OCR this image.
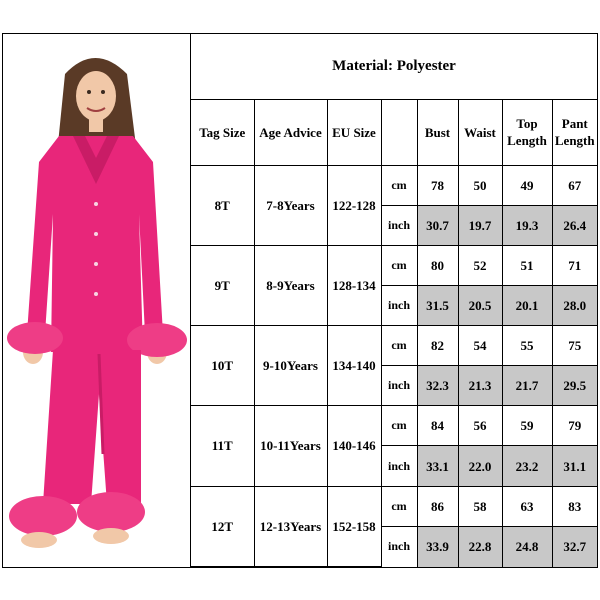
Material: Polyester
Tag Size	Age Advice	EU Size		Bust	Waist	Top Length	Pant Length
8T	7-8Years	122-128	cm	78	50	49	67
			inch	30.7	19.7	19.3	26.4
9T	8-9Years	128-134	cm	80	52	51	71
			inch	31.5	20.5	20.1	28.0
10T	9-10Years	134-140	cm	82	54	55	75
			inch	32.3	21.3	21.7	29.5
11T	10-11Years	140-146	cm	84	56	59	79
			inch	33.1	22.0	23.2	31.1
12T	12-13Years	152-158	cm	86	58	63	83
			inch	33.9	22.8	24.8	32.7
